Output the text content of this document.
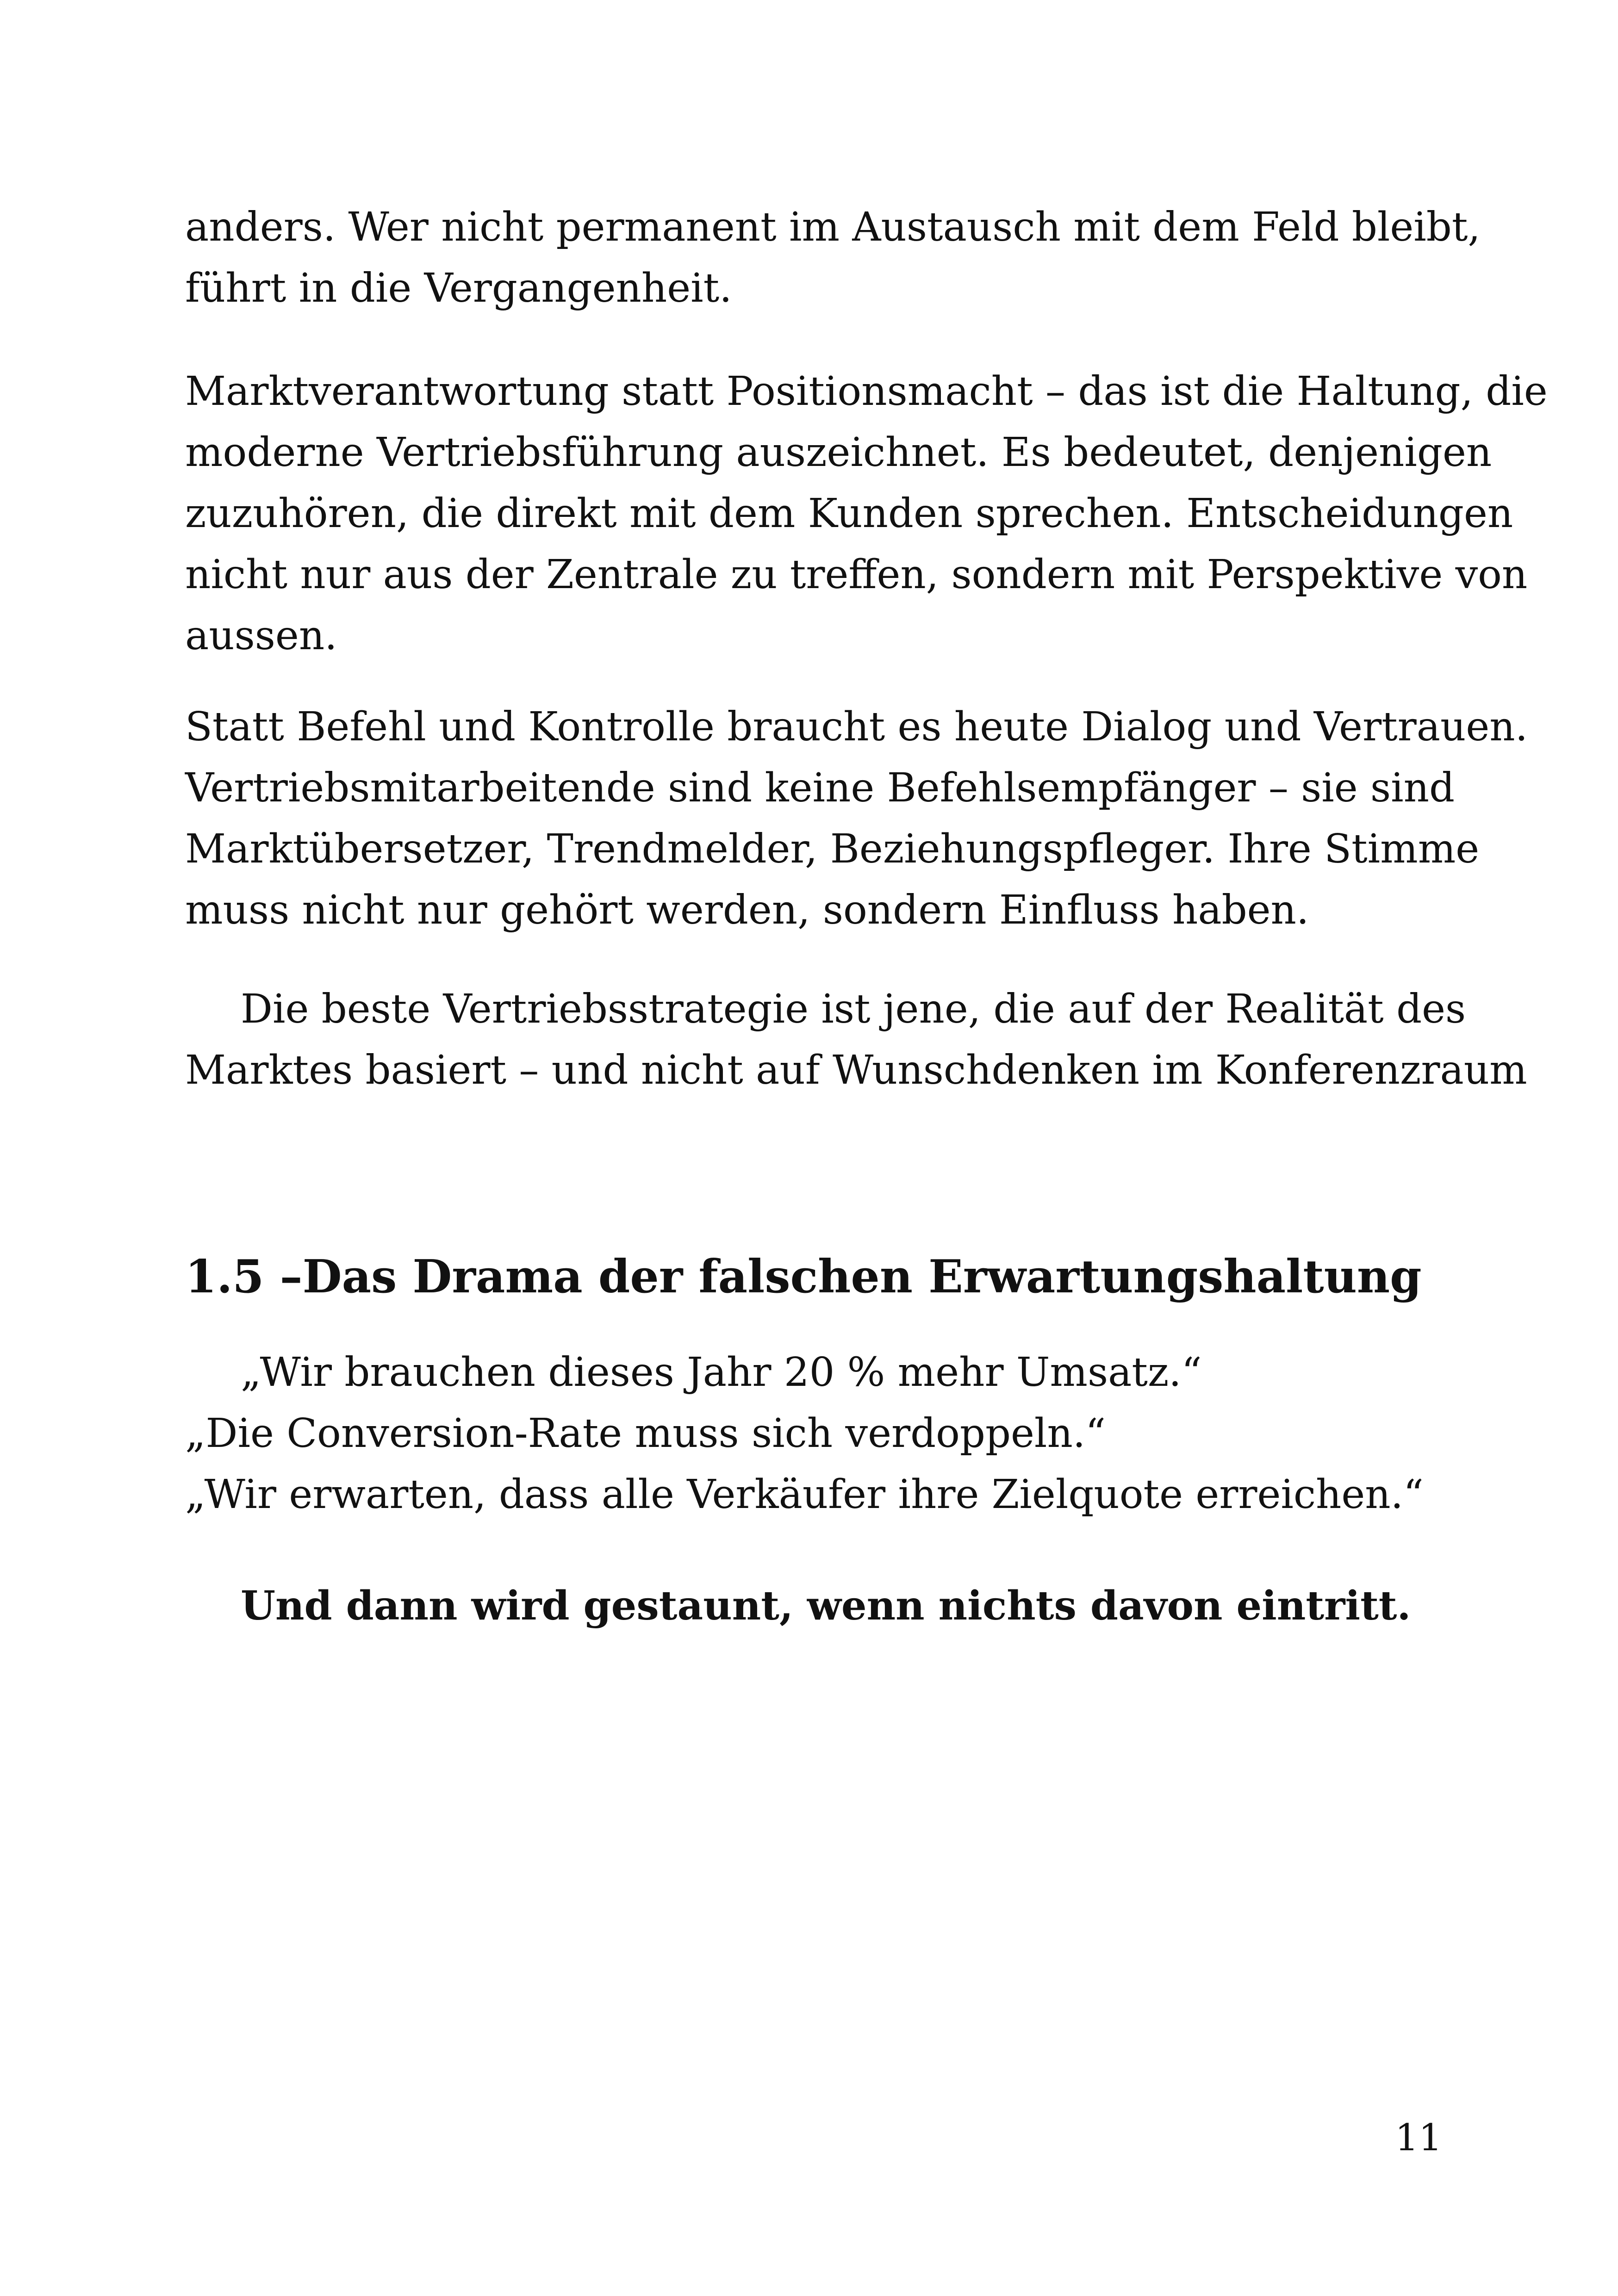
anders. Wer nicht permanent im Austausch mit dem Feld bleibt,
führt in die Vergangenheit.

Marktverantwortung statt Positionsmacht – das ist die Haltung, die
moderne Vertriebsführung auszeichnet. Es bedeutet, denjenigen
zuzuhören, die direkt mit dem Kunden sprechen. Entscheidungen
nicht nur aus der Zentrale zu treffen, sondern mit Perspektive von
aussen.

Statt Befehl und Kontrolle braucht es heute Dialog und Vertrauen.
Vertriebsmitarbeitende sind keine Befehlsempfänger – sie sind
Marktübersetzer, Trendmelder, Beziehungspfleger. Ihre Stimme
muss nicht nur gehört werden, sondern Einfluss haben.

Die beste Vertriebsstrategie ist jene, die auf der Realität des
Marktes basiert – und nicht auf Wunschdenken im Konferenzraum

1.5 –Das Drama der falschen Erwartungshaltung

„Wir brauchen dieses Jahr 20 % mehr Umsatz.“
„Die Conversion-Rate muss sich verdoppeln.“
„Wir erwarten, dass alle Verkäufer ihre Zielquote erreichen.“

Und dann wird gestaunt, wenn nichts davon eintritt.

11
